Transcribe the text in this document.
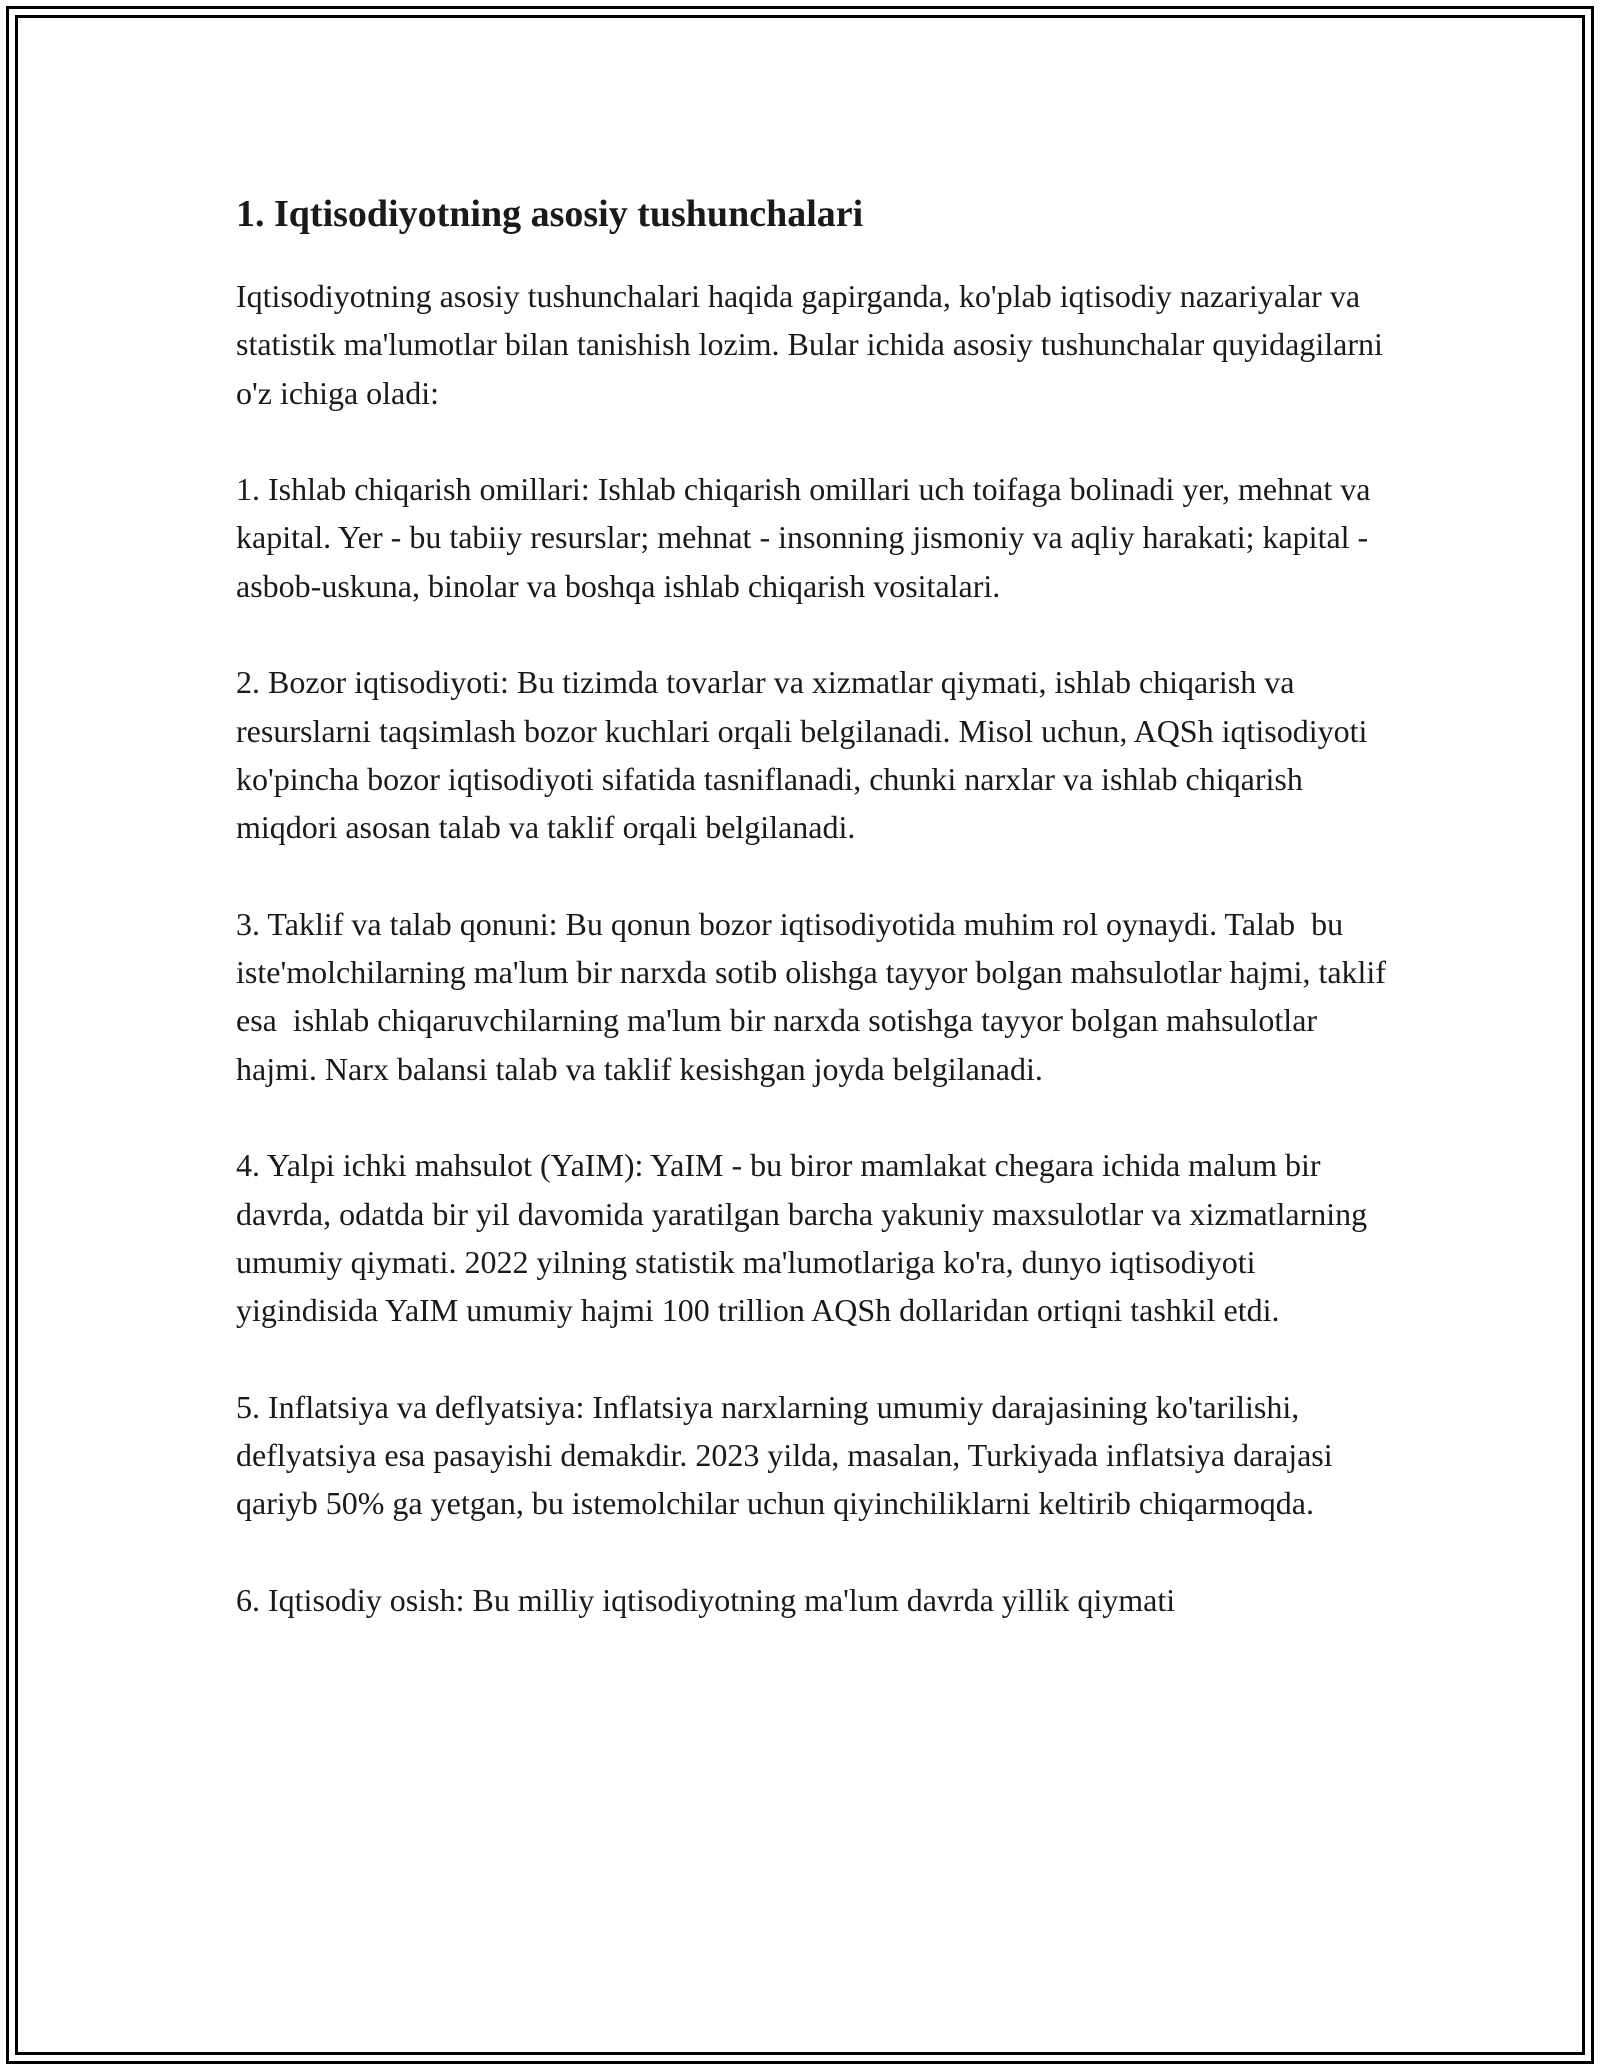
1. Iqtisodiyotning asosiy tushunchalari

Iqtisodiyotning asosiy tushunchalari haqida gapirganda, ko'plab iqtisodiy nazariyalar va statistik ma'lumotlar bilan tanishish lozim. Bular ichida asosiy tushunchalar quyidagilarni o'z ichiga oladi:

1. Ishlab chiqarish omillari: Ishlab chiqarish omillari uch toifaga bolinadi yer, mehnat va kapital. Yer - bu tabiiy resurslar; mehnat - insonning jismoniy va aqliy harakati; kapital - asbob-uskuna, binolar va boshqa ishlab chiqarish vositalari.

2. Bozor iqtisodiyoti: Bu tizimda tovarlar va xizmatlar qiymati, ishlab chiqarish va resurslarni taqsimlash bozor kuchlari orqali belgilanadi. Misol uchun, AQSh iqtisodiyoti ko'pincha bozor iqtisodiyoti sifatida tasniflanadi, chunki narxlar va ishlab chiqarish miqdori asosan talab va taklif orqali belgilanadi.

3. Taklif va talab qonuni: Bu qonun bozor iqtisodiyotida muhim rol oynaydi. Talab  bu iste'molchilarning ma'lum bir narxda sotib olishga tayyor bolgan mahsulotlar hajmi, taklif esa  ishlab chiqaruvchilarning ma'lum bir narxda sotishga tayyor bolgan mahsulotlar hajmi. Narx balansi talab va taklif kesishgan joyda belgilanadi.

4. Yalpi ichki mahsulot (YaIM): YaIM - bu biror mamlakat chegara ichida malum bir davrda, odatda bir yil davomida yaratilgan barcha yakuniy maxsulotlar va xizmatlarning umumiy qiymati. 2022 yilning statistik ma'lumotlariga ko'ra, dunyo iqtisodiyoti yigindisida YaIM umumiy hajmi 100 trillion AQSh dollaridan ortiqni tashkil etdi.

5. Inflatsiya va deflyatsiya: Inflatsiya narxlarning umumiy darajasining ko'tarilishi, deflyatsiya esa pasayishi demakdir. 2023 yilda, masalan, Turkiyada inflatsiya darajasi qariyb 50% ga yetgan, bu istemolchilar uchun qiyinchiliklarni keltirib chiqarmoqda.

6. Iqtisodiy osish: Bu milliy iqtisodiyotning ma'lum davrda yillik qiymati
